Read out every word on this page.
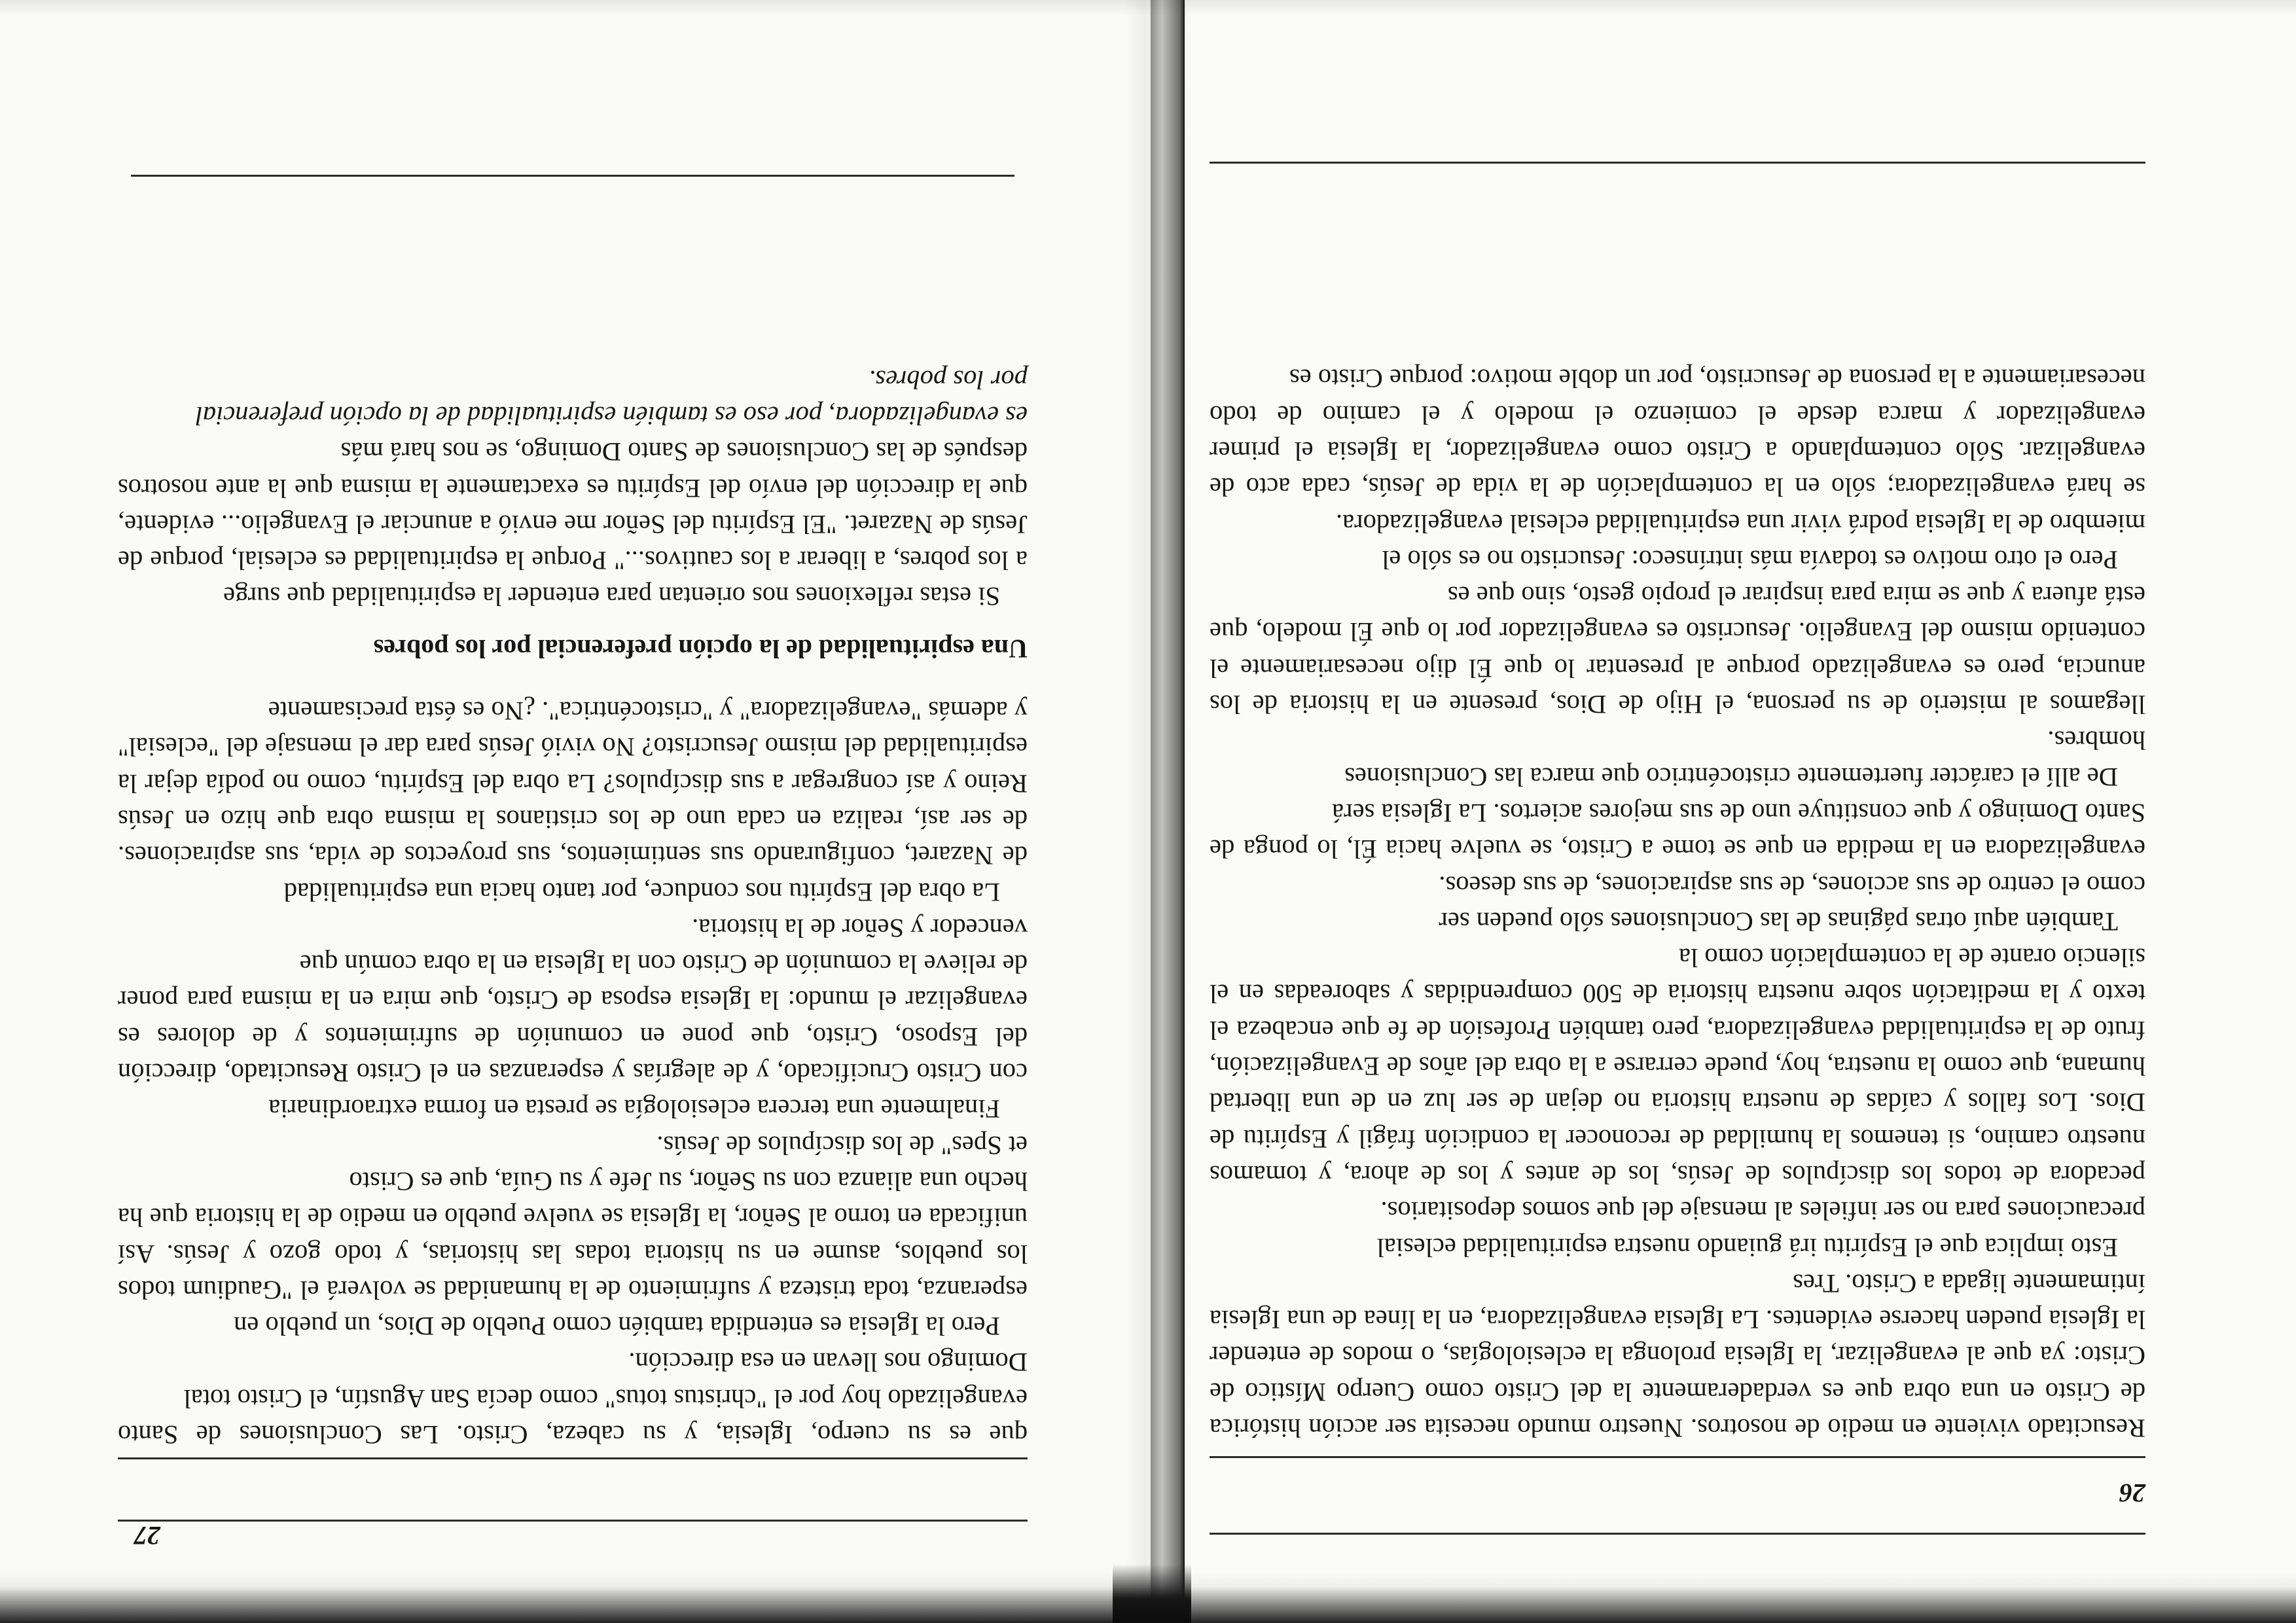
27

que es su cuerpo, Iglesia, y su cabeza, Cristo. Las Conclusiones de Santo evangelizado hoy por el "christus totus" como decía San Agustín, el Cristo total

Domingo nos llevan en esa dirección.

Pero la Iglesia es entendida también como Pueblo de Dios, un pueblo en

esperanza, toda tristeza y sufrimiento de la humanidad se volverá el "Gaudium todos los pueblos, asume en su historia todas las historias, y todo gozo y Jesús. Así unificada en torno al Señor, la Iglesia se vuelve pueblo en medio de la historia que ha hecho una alianza con su Señor, su Jefe y su Guía, que es Cristo

et Spes" de los discípulos de Jesús.

Finalmente una tercera eclesiología se presta en forma extraordinaria

con Cristo Crucificado, y de alegrías y esperanzas en el Cristo Resucitado, dirección del Esposo, Cristo, que pone en comunión de sufrimientos y de dolores es evangelizar el mundo: la Iglesia esposa de Cristo, que mira en la misma para poner de relieve la comunión de Cristo con la Iglesia en la obra común que

vencedor y Señor de la historia.

La obra del Espíritu nos conduce, por tanto hacia una espiritualidad

de Nazaret, configurando sus sentimientos, sus proyectos de vida, sus aspiraciones. de ser así, realiza en cada uno de los cristianos la misma obra que hizo en Jesús Reino y así congregar a sus discípulos? La obra del Espíritu, como no podía dejar la espiritualidad del mismo Jesucristo? No vivió Jesús para dar el mensaje del "eclesial" y además "evangelizadora" y "cristocéntrica". ¿No es ésta precisamente

Una espiritualidad de la opción preferencial por los pobres

Si estas reflexiones nos orientan para entender la espiritualidad que surge

a los pobres, a liberar a los cautivos..." Porque la espiritualidad es eclesial, porque de Jesús de Nazaret. "El Espíritu del Señor me envió a anunciar el Evangelio... evidente, que la dirección del envío del Espíritu es exactamente la misma que la ante nosotros después de las Conclusiones de Santo Domingo, se nos hará más

es evangelizadora, por eso es también espiritualidad de la opción preferencial

por los pobres.

26

Resucitado viviente en medio de nosotros. Nuestro mundo necesita ser acción histórica de Cristo en una obra que es verdaderamente la del Cristo como Cuerpo Místico de Cristo: ya que al evangelizar, la Iglesia prolonga la eclesiologías, o modos de entender la Iglesia pueden hacerse evidentes. La Iglesia evangelizadora, en la línea de una Iglesia íntimamente ligada a Cristo. Tres

Esto implica que el Espíritu irá guiando nuestra espiritualidad eclesial

precauciones para no ser infieles al mensaje del que somos depositarios.

pecadora de todos los discípulos de Jesús, los de antes y los de ahora, y tomamos nuestro camino, si tenemos la humildad de reconocer la condición frágil y Espíritu de Dios. Los fallos y caídas de nuestra historia no dejan de ser luz en de una libertad humana, que como la nuestra, hoy, puede cerrarse a la obra del años de Evangelización, fruto de la espiritualidad evangelizadora, pero también Profesión de fe que encabeza el texto y la meditación sobre nuestra historia de 500 comprendidas y saboreadas en el silencio orante de la contemplación como la

También aquí otras páginas de las Conclusiones sólo pueden ser

como el centro de sus acciones, de sus aspiraciones, de sus deseos.

evangelizadora en la medida en que se tome a Cristo, se vuelve hacia Él, lo ponga de Santo Domingo y que constituye uno de sus mejores aciertos. La Iglesia será

De allí el carácter fuertemente cristocéntrico que marca las Conclusiones

hombres.

llegamos al misterio de su persona, el Hijo de Dios, presente en la historia de los anuncia, pero es evangelizado porque al presentar lo que Él dijo necesariamente el contenido mismo del Evangelio. Jesucristo es evangelizador por lo que Él modelo, que está afuera y que se mira para inspirar el propio gesto, sino que es

Pero el otro motivo es todavía más intrínseco: Jesucristo no es sólo el

miembro de la Iglesia podrá vivir una espiritualidad eclesial evangelizadora.

se hará evangelizadora; sólo en la contemplación de la vida de Jesús, cada acto de evangelizar. Sólo contemplando a Cristo como evangelizador, la Iglesia el primer evangelizador y marca desde el comienzo el modelo y el camino de todo necesariamente a la persona de Jesucristo, por un doble motivo: porque Cristo es
